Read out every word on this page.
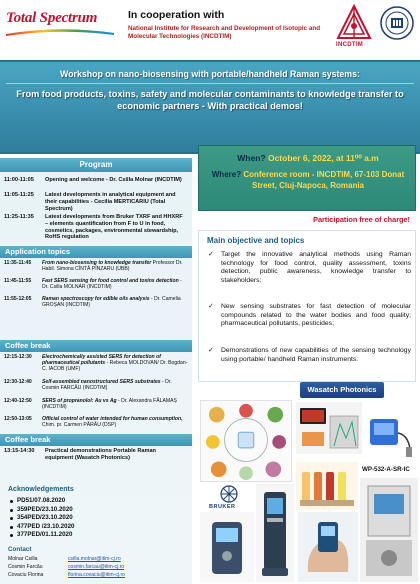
Total Spectrum	In cooperation with
National Institute for Research and Development of Isotopic and Molecular Technologies (INCDTIM)
INCDTIM
Workshop on nano-biosensing with portable/handheld Raman systems:
From food products, toxins, safety and molecular contaminants to knowledge transfer to economic partners - With practical demos!
Program
11:00-11:05 Opening and welcome - Dr. Csilla Molnar (INCDTIM)
11:05-11:25 Latest developments in analytical equipment and their capabilities - Cecilia MERTICARIU (Total Spectrum)
11:25-11:35 Latest developments from Bruker TXRF and HHXRF – elements quantification from F to U in food, cosmetics, packages, environmental stewardship, RoHS regulation
Application topics
11:35-11:45 From nano-biosensing to knowledge transfer Professor Dr. Habil. Simona CÎNTĂ PÎNZARU (UBB)
11:45-11:55 Fast SERS sensing for food control and toxins detection - Dr. Csilla MOLNÁR (INCDTIM)
11:55-12:05 Raman spectroscopy for edible oils analysis - Dr. Camelia GROȘAN (INCDTIM)
Coffee break
12:15-12:30 Electrochemically assisted SERS for detection of pharmaceutical pollutants - Rebeca MOLDOVAN/ Dr. Bogdan-C. IACOB (UMF)
12:30-12:40 Self-assembled nanostructured SERS substrates - Dr. Cosmin FARCĂU (INCDTIM)
12:40-12:50 SERS of propranolol: Au vs Ag - Dr. Alexandra FĂLAMAȘ (INCDTIM)
12:50-13:05 Official control of water intended for human consumption, Chim. pr. Carmen PĂRĂU (DSP)
Coffee break
13:15-14:30 Practical demonstrations Portable Raman equipment (Wasatch Photonics)
Acknowledgements
PD51/07.08.2020
359PED/23.10.2020
354PED/23.10.2020
477PED /23.10.2020
377PED/01.11.2020
Contact
Molnar Csilla	csilla.molnar@itim-cj.ro
Cosmin Farcău	cosmin.farcau@itim-cj.ro
Covaciu Florina	florina.covaciu@itim-cj.ro
When? October 6, 2022, at 11⁰⁰ a.m
Where? Conference room - INCDTIM, 67-103 Donat Street, Cluj-Napoca, Romania
Participation free of charge!
Main objective and topics
✓ Target the innovative analytical methods using Raman technology for food control, quality assessment, toxins detection, public awareness, knowledge transfer to stakeholders;
✓ New sensing substrates for fast detection of molecular compounds related to the water bodies and food quality; pharmaceutical pollutants, pesticides;
✓ Demonstrations of new capabilities of the sensing technology using portable/ handheld Raman instruments.
Wasatch Photonics
WP-532-A-SR-IC
BRUKER
